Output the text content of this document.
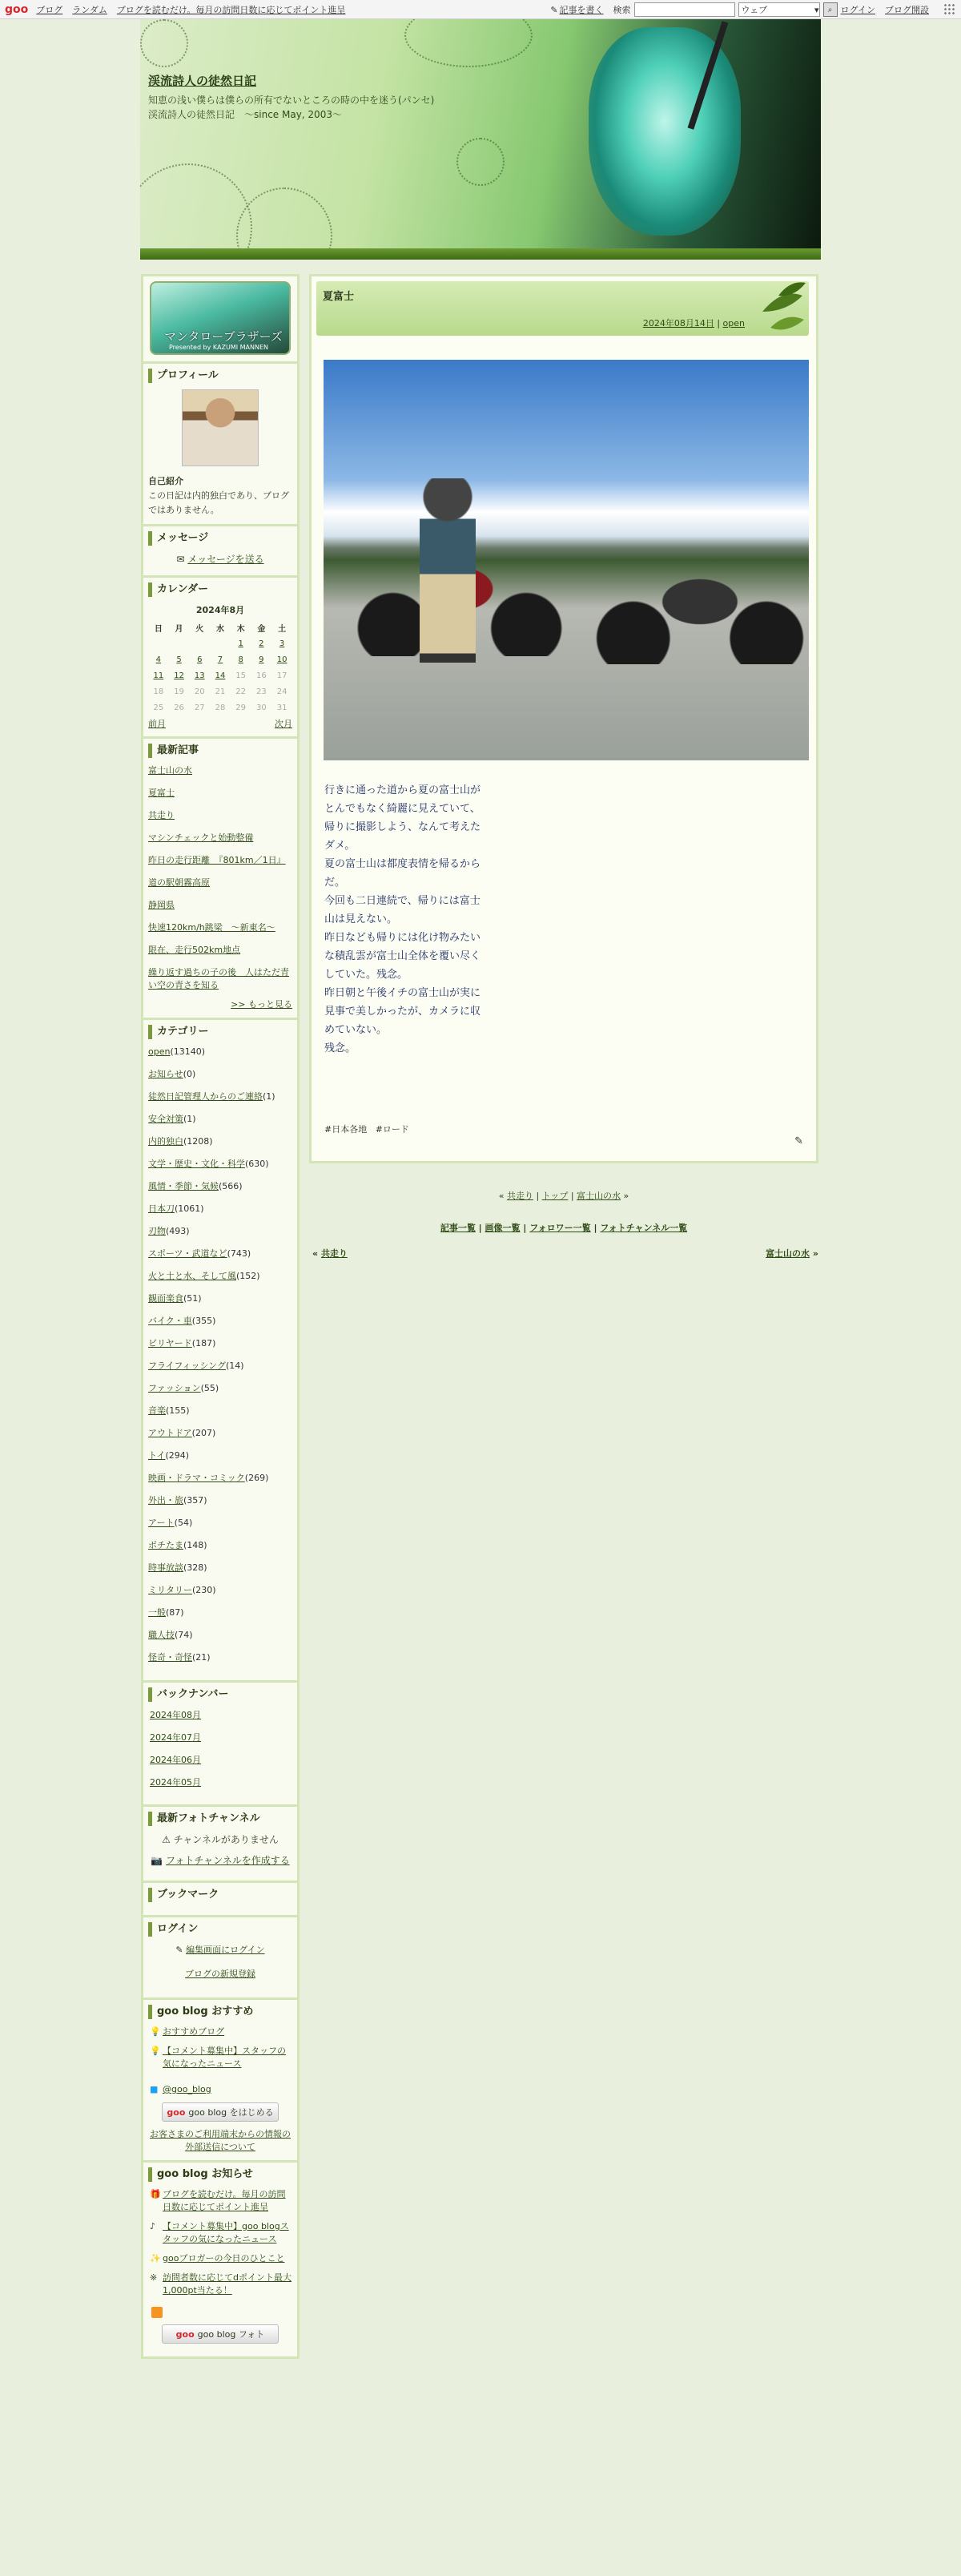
goo ブログ ランダム ブログを読むだけ。毎月の訪問日数に応じてポイント進呈	✎ 記事を書く 検索	ウェブ	▾ ⌕ ログイン ブログ開設
渓流詩人の徒然日記
知恵の浅い僕らは僕らの所有でないところの時の中を迷う(パンセ)　渓流詩人の徒然日記　～since May, 2003～
マンタローブラザーズ
Presented by KAZUMI MANNEN
プロフィール
自己紹介
この日記は内的独白であり、ブログではありません。
メッセージ
✉ メッセージを送る
カレンダー
2024年8月
日	月	火	水	木	金	土
				1	2	3
4	5	6	7	8	9	10
11	12	13	14	15	16	17
18	19	20	21	22	23	24
25	26	27	28	29	30	31
前月	次月
最新記事
富士山の水
夏富士
共走り
マシンチェックと始動整備
昨日の走行距離　『801km／1日』
道の駅朝霧高原
静岡県
快速120km/h跳梁　～新東名～
限在、走行502km地点
繰り返す過ちの子の後　人はただ青い空の青さを知る
>> もっと見る
カテゴリー
open(13140)
お知らせ(0)
徒然日記管理人からのご連絡(1)
安全対策(1)
内的独白(1208)
文学・歴史・文化・科学(630)
風情・季節・気候(566)
日本刀(1061)
刃物(493)
スポーツ・武道など(743)
火と土と水、そして風(152)
観面楽食(51)
バイク・車(355)
ビリヤード(187)
フライフィッシング(14)
ファッション(55)
音楽(155)
アウトドア(207)
トイ(294)
映画・ドラマ・コミック(269)
外出・旅(357)
アート(54)
ポチたま(148)
時事放談(328)
ミリタリー(230)
一般(87)
職人技(74)
怪奇・奇怪(21)
バックナンバー
2024年08月
2024年07月
2024年06月
2024年05月
最新フォトチャンネル
⚠ チャンネルがありません
📷 フォトチャンネルを作成する
ブックマーク
ログイン
✎ 編集画面にログイン
ブログの新規登録
goo blog おすすめ
💡 おすすめブログ
💡 【コメント募集中】スタッフの気になったニュース
■ @goo_blog
goo goo blog をはじめる
お客さまのご利用端末からの情報の外部送信について
goo blog お知らせ
🎁 ブログを読むだけ。毎月の訪問日数に応じてポイント進呈
♪ 【コメント募集中】goo blogスタッフの気になったニュース
✨ gooブロガーの今日のひとこと
※ 訪問者数に応じてdポイント最大1,000pt当たる！
goo goo blog フォト
夏富士
2024年08月14日 | open

行きに通った道から夏の富士山がとんでもなく綺麗に見えていて、帰りに撮影しよう、なんて考えたダメ。

夏の富士山は都度表情を帰るからだ。

今回も二日連続で、帰りには富士山は見えない。

昨日なども帰りには化け物みたいな積乱雲が富士山全体を覆い尽くしていた。残念。

昨日朝と午後イチの富士山が実に見事で美しかったが、カメラに収めていない。

残念。

#日本各地 #ロード
✎
« 共走り | トップ | 富士山の水 »
記事一覧 | 画像一覧 | フォロワー一覧 | フォトチャンネル一覧
« 共走り	富士山の水 »
